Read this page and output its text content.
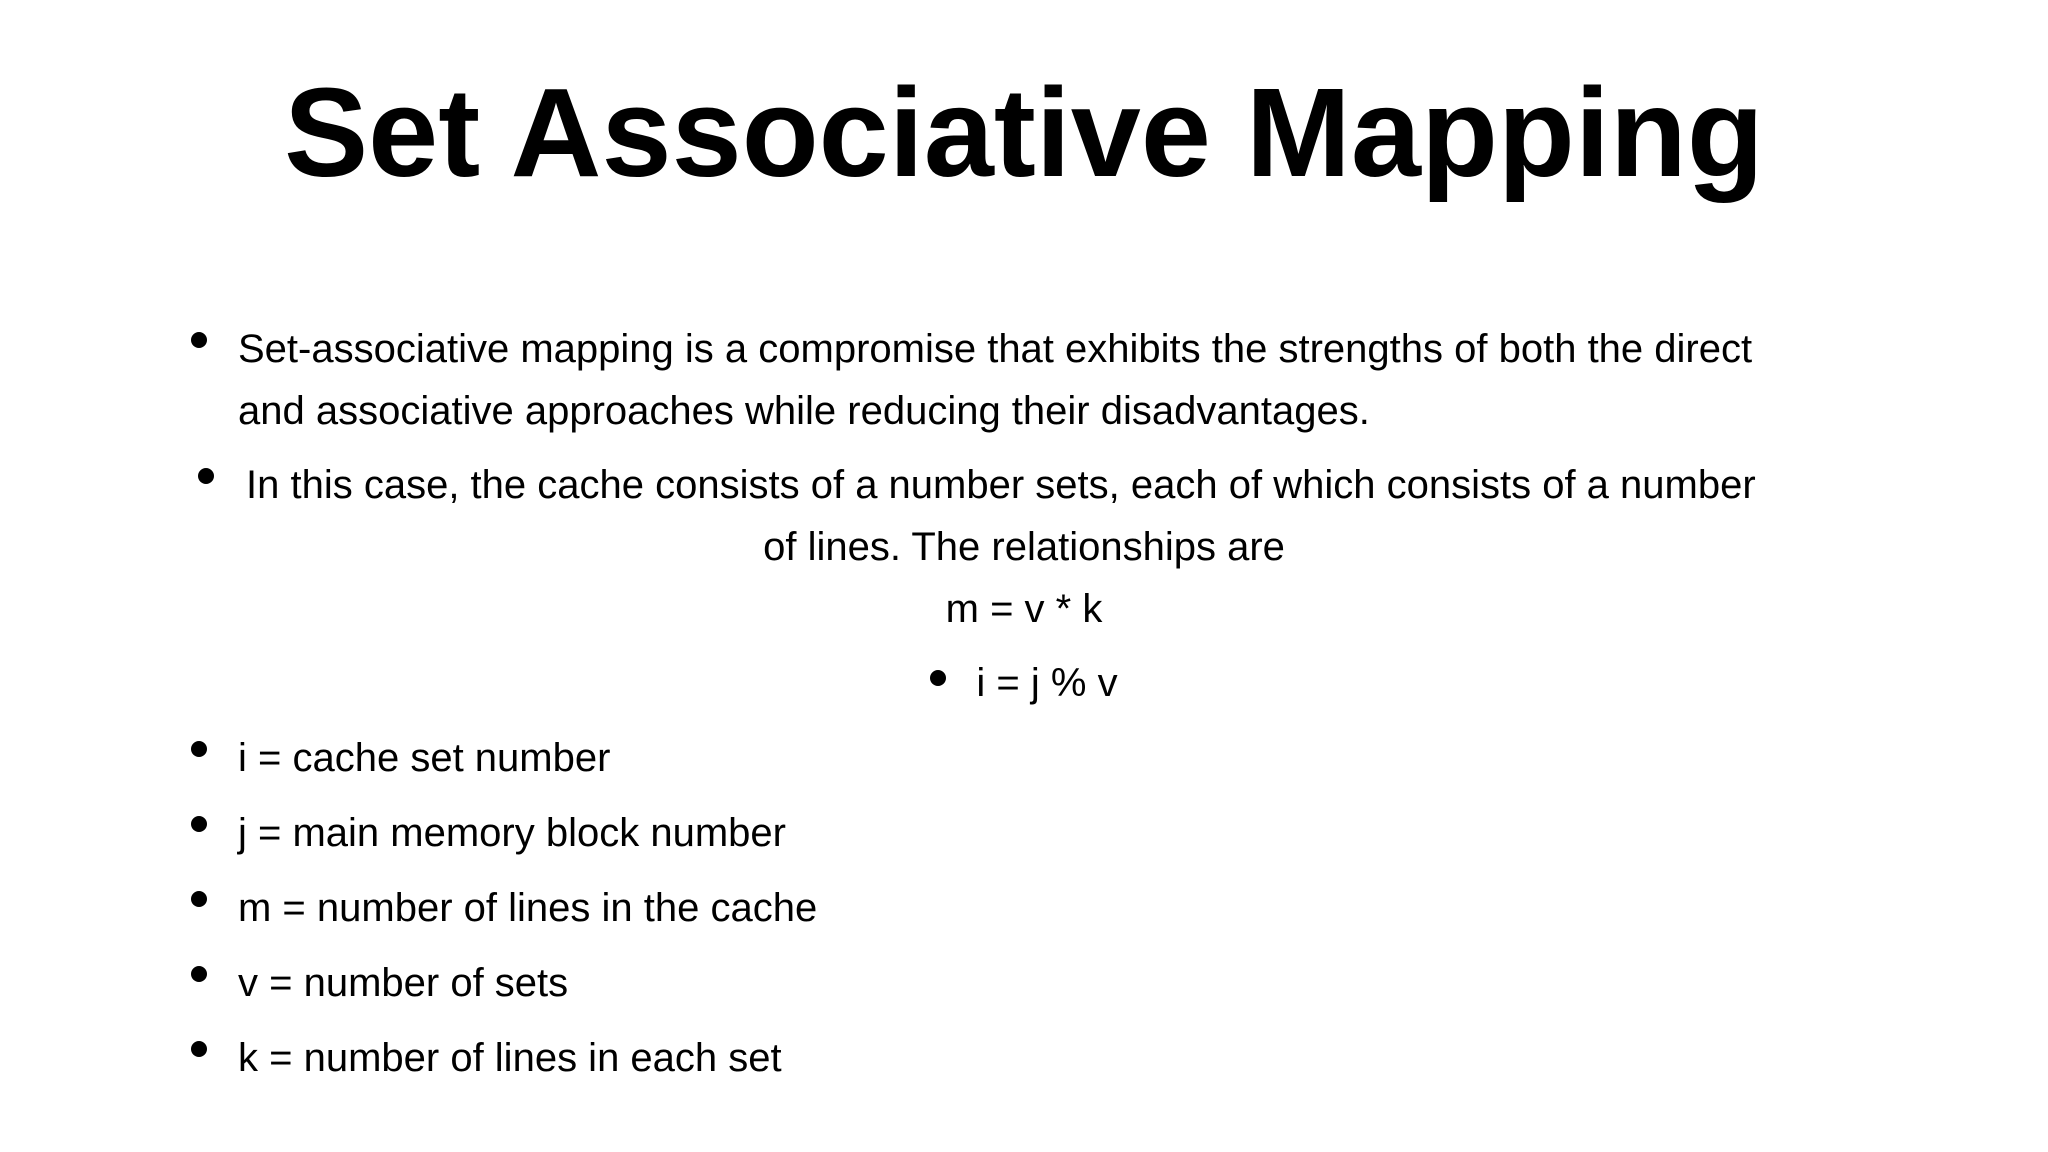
Set Associative Mapping
Set-associative mapping is a compromise that exhibits the strengths of both the direct
and associative approaches while reducing their disadvantages.
In this case, the cache consists of a number sets, each of which consists of a number
of lines. The relationships are
m = v * k
i = j % v
i = cache set number
j = main memory block number
m = number of lines in the cache
v = number of sets
k = number of lines in each set
